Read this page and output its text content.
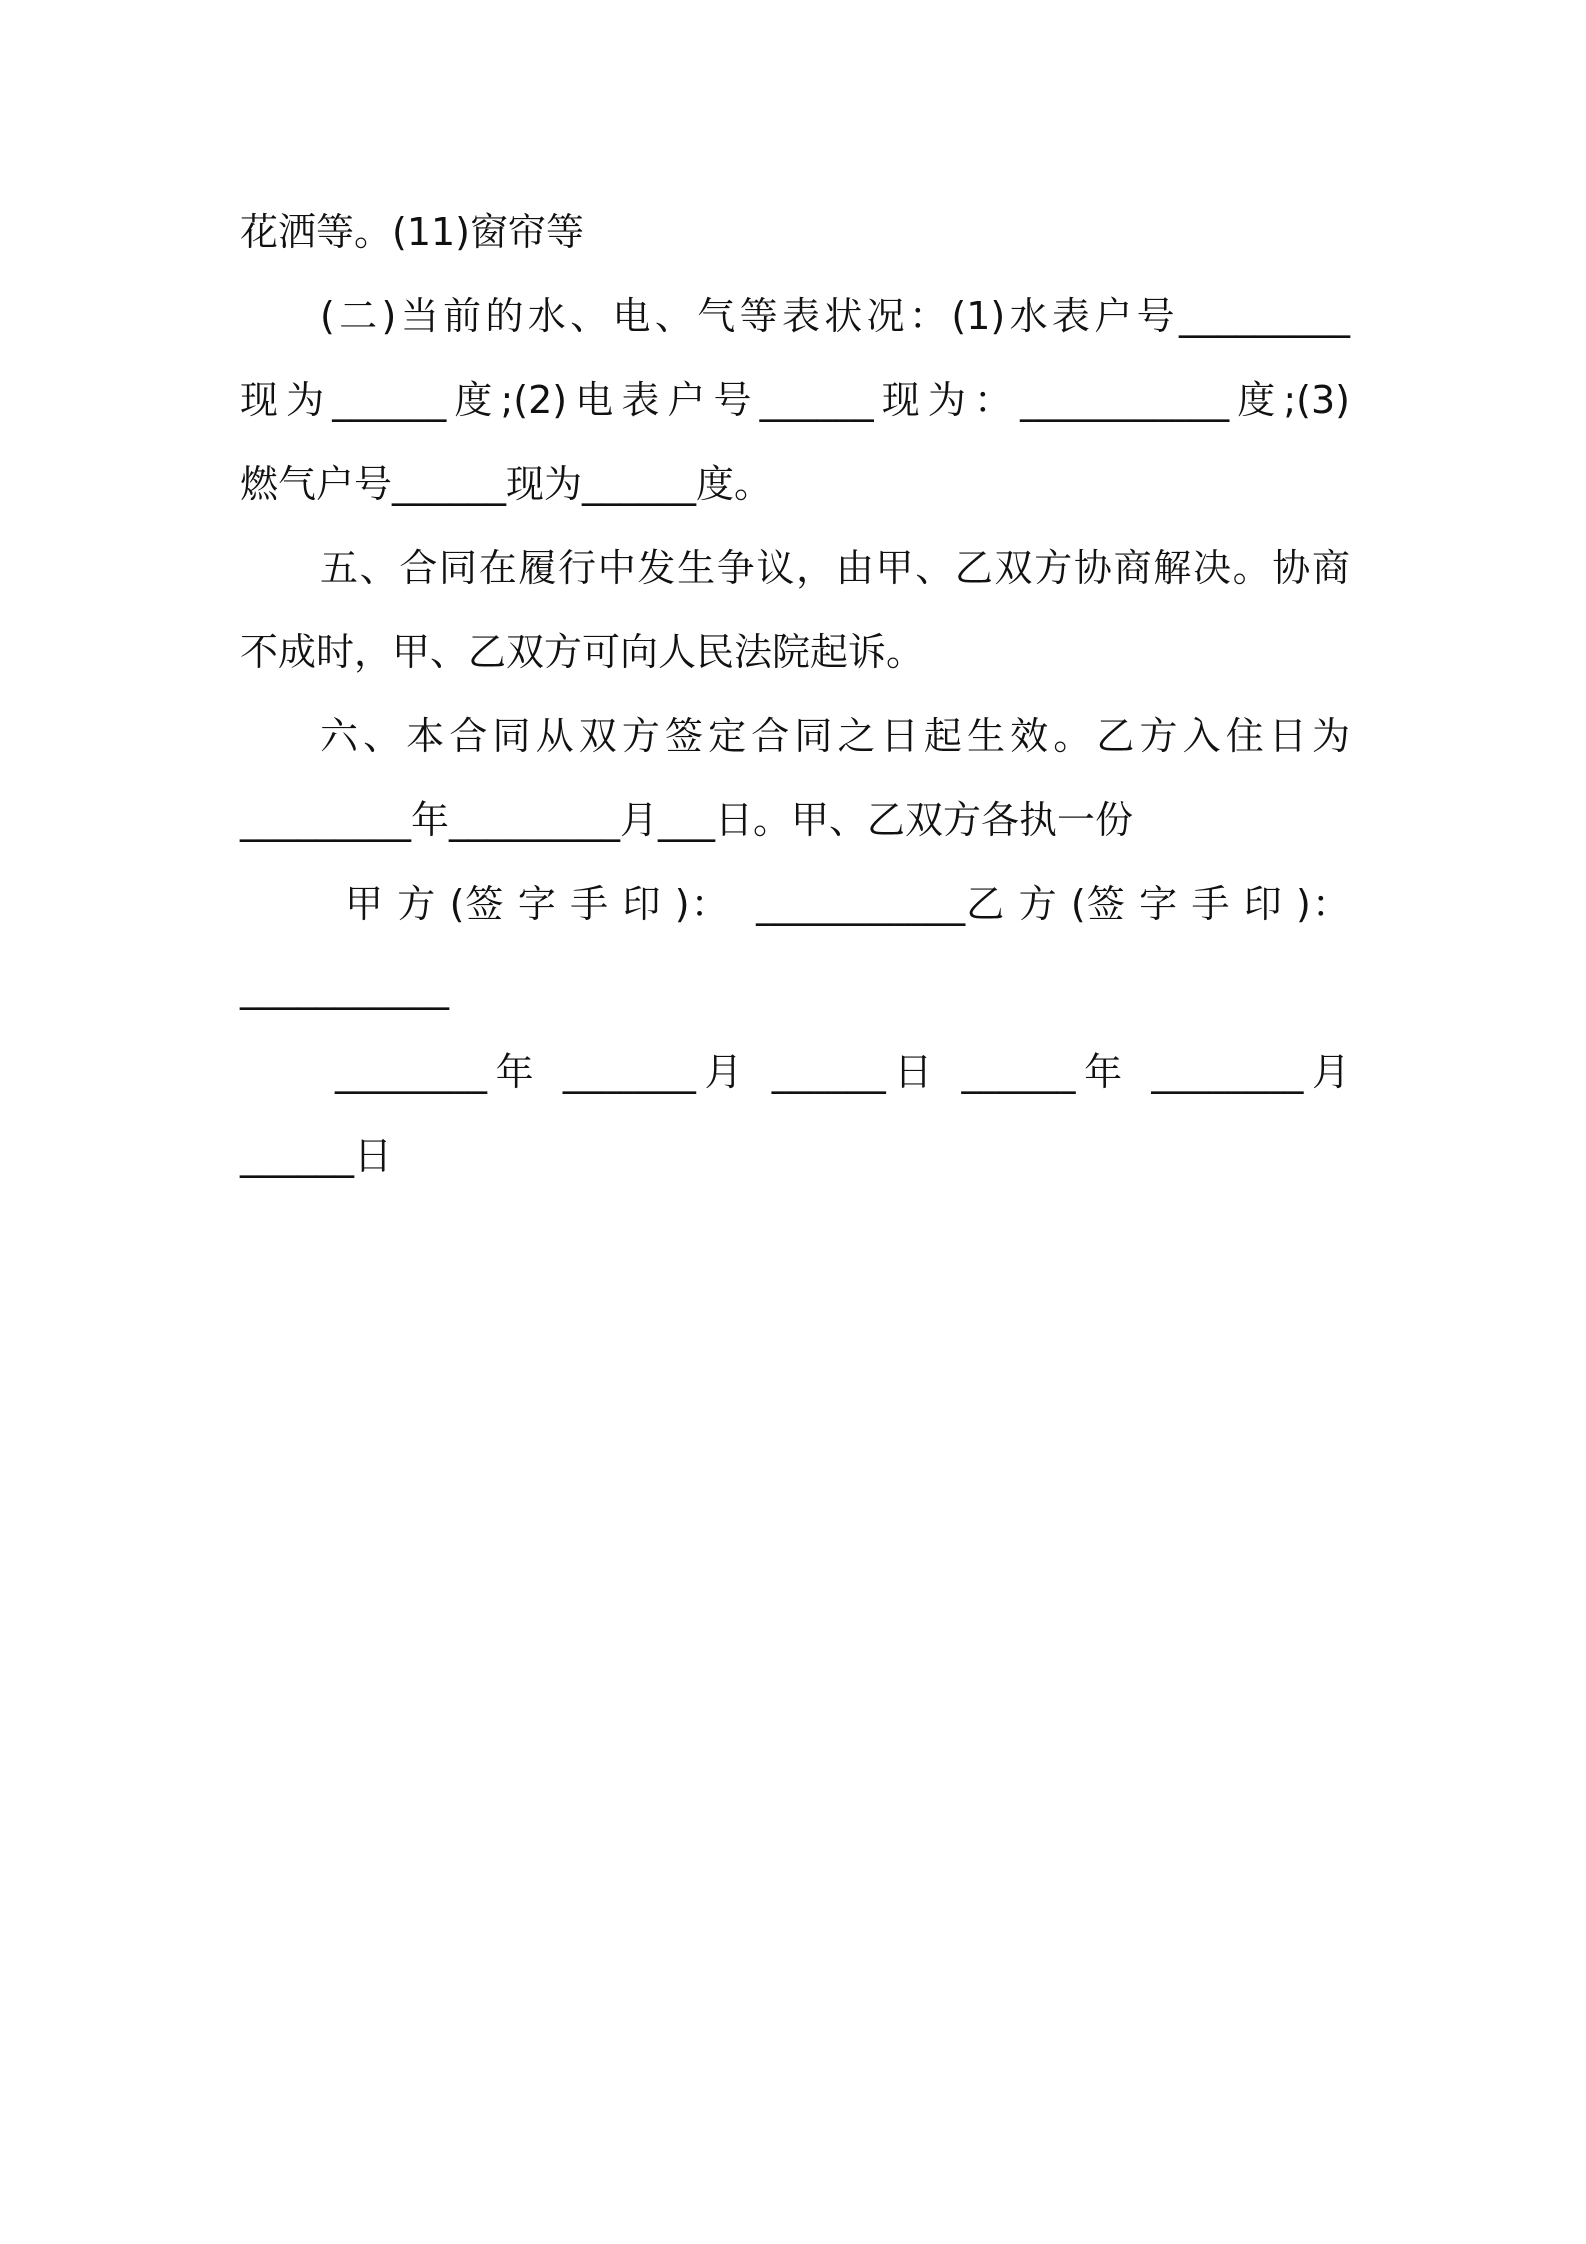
花洒等。(11)窗帘等
(二)当前的水、电、气等表状况：(1)水表户号_________
现为______度;(2)电表户号______现为：___________度;(3)
燃气户号______现为______度。
五、合同在履行中发生争议，由甲、乙双方协商解决。协商
不成时，甲、乙双方可向人民法院起诉。
六、本合同从双方签定合同之日起生效。乙方入住日为
_________年_________月___日。甲、乙双方各执一份
甲 方 (签 字 手 印 )：  ___________乙 方 (签 字 手 印 )：
___________
________年 _______月 ______日 ______年 ________月
______日
